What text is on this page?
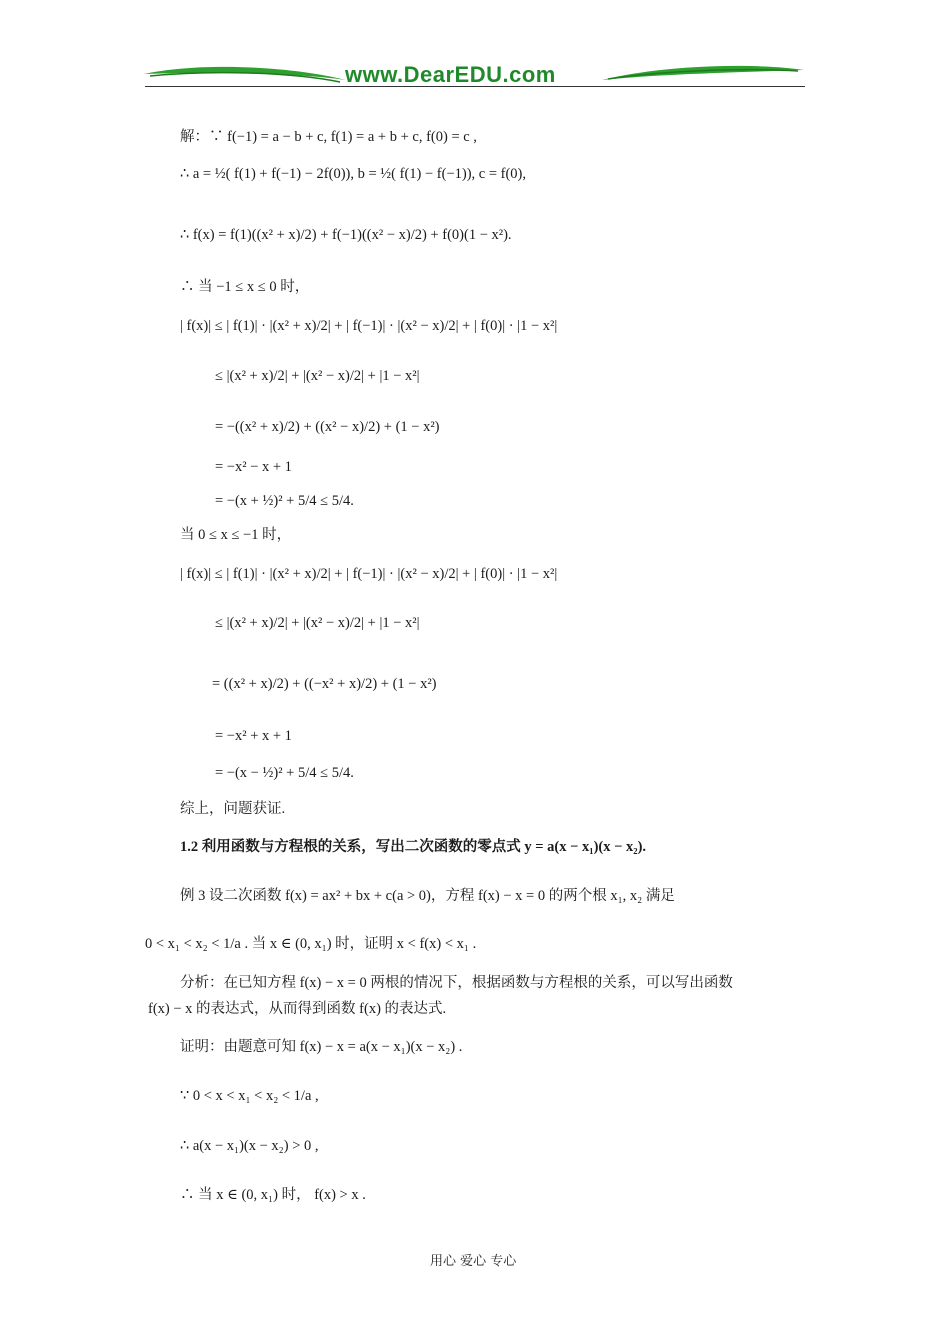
www.DearEDU.com
解：∵ f(−1) = a − b + c, f(1) = a + b + c, f(0) = c ,
∴ a = ½( f(1) + f(−1) − 2f(0)), b = ½( f(1) − f(−1)), c = f(0),
∴ f(x) = f(1)((x² + x)/2) + f(−1)((x² − x)/2) + f(0)(1 − x²).
∴ 当 −1 ≤ x ≤ 0 时，
| f(x)| ≤ | f(1)| · |(x² + x)/2| + | f(−1)| · |(x² − x)/2| + | f(0)| · |1 − x²|
≤ |(x² + x)/2| + |(x² − x)/2| + |1 − x²|
= −((x² + x)/2) + ((x² − x)/2) + (1 − x²)
= −x² − x + 1
= −(x + ½)² + 5/4 ≤ 5/4.
当 0 ≤ x ≤ −1 时，
| f(x)| ≤ | f(1)| · |(x² + x)/2| + | f(−1)| · |(x² − x)/2| + | f(0)| · |1 − x²|
≤ |(x² + x)/2| + |(x² − x)/2| + |1 − x²|
= ((x² + x)/2) + ((−x² + x)/2) + (1 − x²)
= −x² + x + 1
= −(x − ½)² + 5/4 ≤ 5/4.
综上，问题获证.
1.2 利用函数与方程根的关系，写出二次函数的零点式 y = a(x − x₁)(x − x₂).
例 3 设二次函数 f(x) = ax² + bx + c(a > 0)，方程 f(x) − x = 0 的两个根 x₁, x₂ 满足
0 < x₁ < x₂ < 1/a . 当 x ∈ (0, x₁) 时，证明 x < f(x) < x₁ .
分析：在已知方程 f(x) − x = 0 两根的情况下，根据函数与方程根的关系，可以写出函数
f(x) − x 的表达式，从而得到函数 f(x) 的表达式.
证明：由题意可知 f(x) − x = a(x − x₁)(x − x₂) .
∵ 0 < x < x₁ < x₂ < 1/a ,
∴ a(x − x₁)(x − x₂) > 0 ,
∴ 当 x ∈ (0, x₁) 时， f(x) > x .
用心 爱心 专心
